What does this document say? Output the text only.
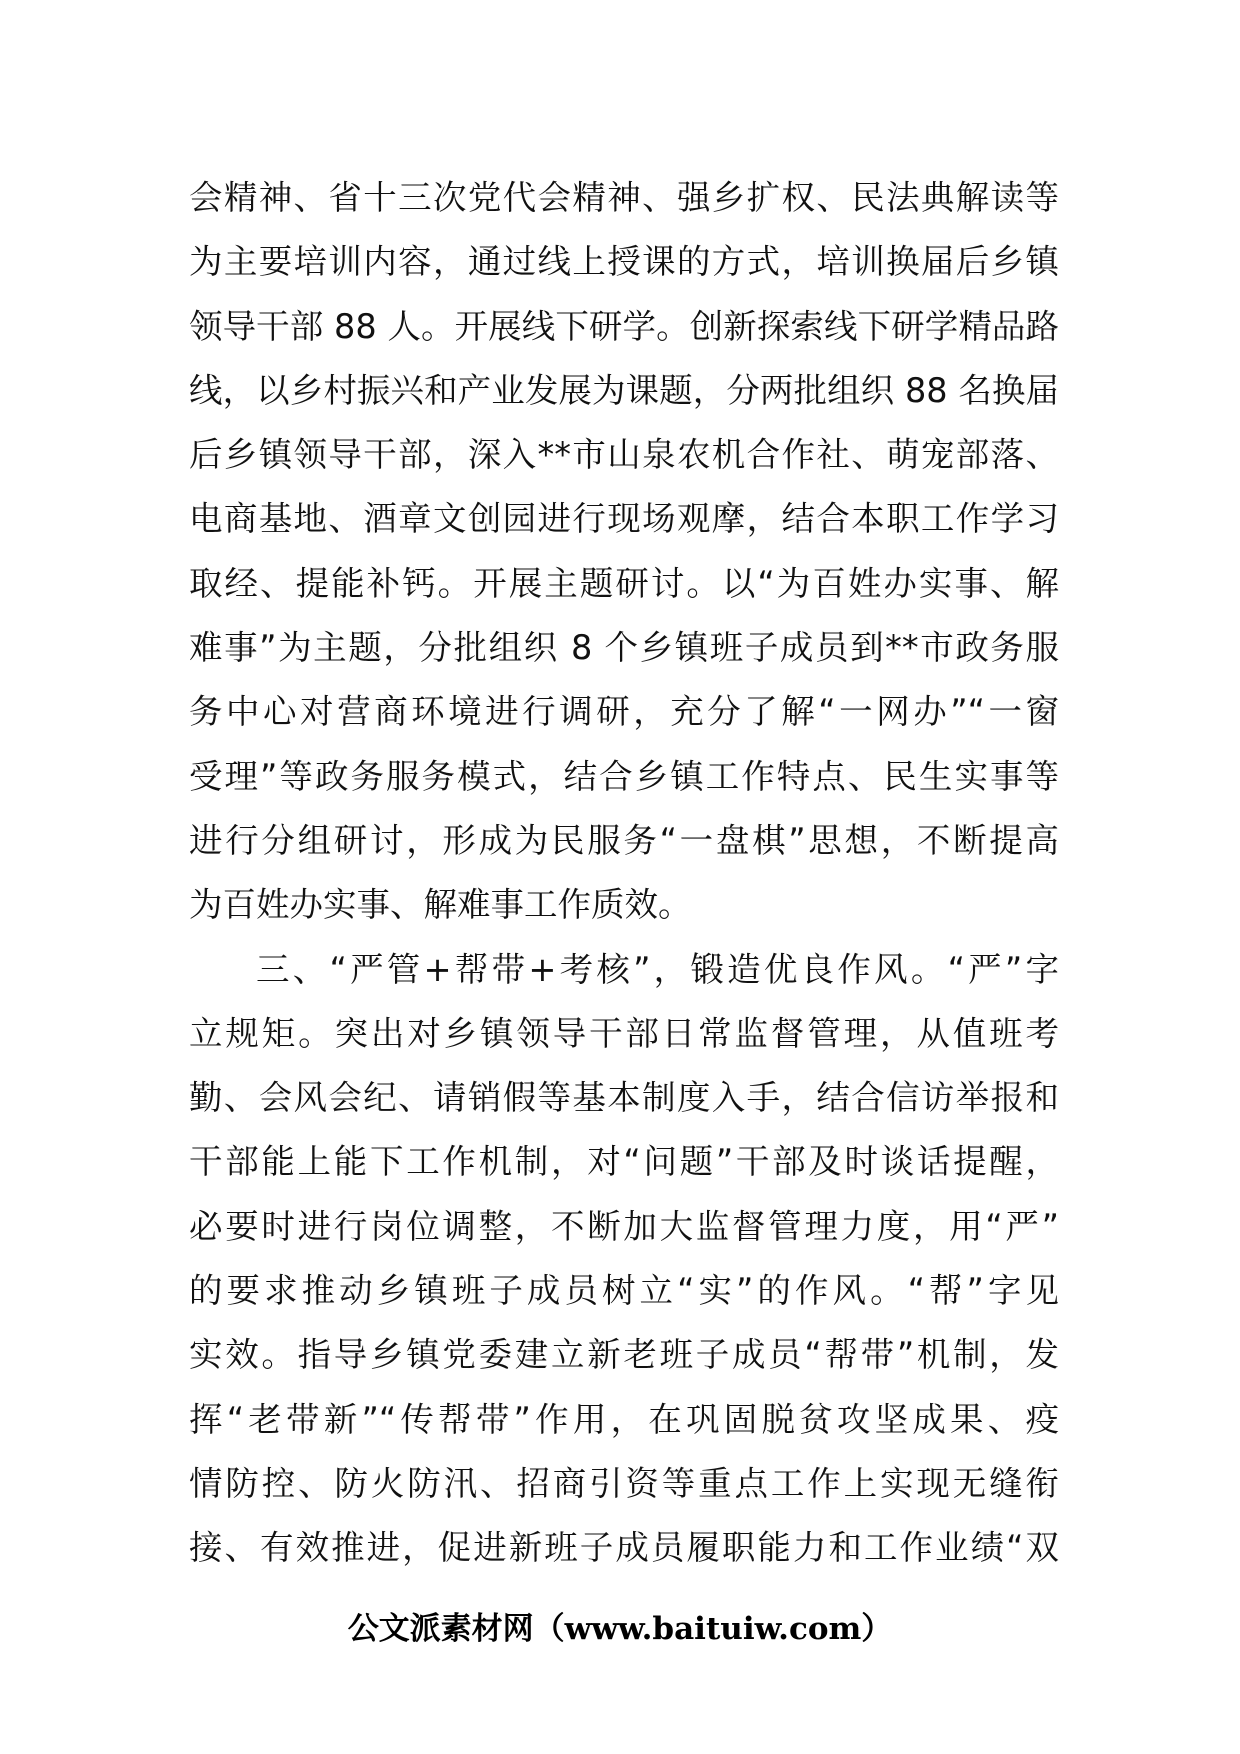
会精神、省十三次党代会精神、强乡扩权、民法典解读等
为主要培训内容，通过线上授课的方式，培训换届后乡镇
领导干部 88 人。开展线下研学。创新探索线下研学精品路
线，以乡村振兴和产业发展为课题，分两批组织 88 名换届
后乡镇领导干部，深入**市山泉农机合作社、萌宠部落、
电商基地、酒章文创园进行现场观摩，结合本职工作学习
取经、提能补钙。开展主题研讨。以“为百姓办实事、解
难事”为主题，分批组织 8 个乡镇班子成员到**市政务服
务中心对营商环境进行调研，充分了解“一网办”“一窗
受理”等政务服务模式，结合乡镇工作特点、民生实事等
进行分组研讨，形成为民服务“一盘棋”思想，不断提高
为百姓办实事、解难事工作质效。
三、“严管+帮带+考核”，锻造优良作风。“严”字
立规矩。突出对乡镇领导干部日常监督管理，从值班考
勤、会风会纪、请销假等基本制度入手，结合信访举报和
干部能上能下工作机制，对“问题”干部及时谈话提醒，
必要时进行岗位调整，不断加大监督管理力度，用“严”
的要求推动乡镇班子成员树立“实”的作风。“帮”字见
实效。指导乡镇党委建立新老班子成员“帮带”机制，发
挥“老带新”“传帮带”作用，在巩固脱贫攻坚成果、疫
情防控、防火防汛、招商引资等重点工作上实现无缝衔
接、有效推进，促进新班子成员履职能力和工作业绩“双
公文派素材网（www.baituiw.com）
